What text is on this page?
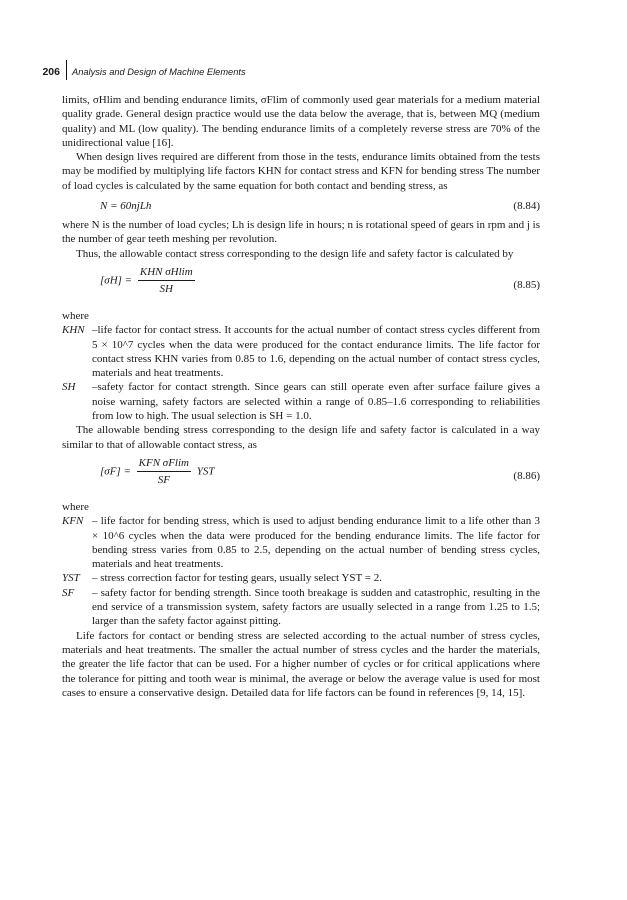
206 Analysis and Design of Machine Elements

limits, σHlim and bending endurance limits, σFlim of commonly used gear materials for a medium material quality grade. General design practice would use the data below the average, that is, between MQ (medium quality) and ML (low quality). The bending endurance limits of a completely reverse stress are 70% of the unidirectional value [16].

When design lives required are different from those in the tests, endurance limits obtained from the tests may be modified by multiplying life factors KHN for contact stress and KFN for bending stress The number of load cycles is calculated by the same equation for both contact and bending stress, as

N = 60njLh	(8.84)

where N is the number of load cycles; Lh is design life in hours; n is rotational speed of gears in rpm and j is the number of gear teeth meshing per revolution.

Thus, the allowable contact stress corresponding to the design life and safety factor is calculated by

$[\sigma H] = \frac{\text{KHN σHlim}}{SH}$	(8.85)

where

KHN –life factor for contact stress. It accounts for the actual number of contact stress cycles different from 5 × 10^7 cycles when the data were produced for the contact endurance limits. The life factor for contact stress KHN varies from 0.85 to 1.6, depending on the actual number of contact stress cycles, materials and heat treatments.

SH	–safety factor for contact strength. Since gears can still operate even after surface failure gives a noise warning, safety factors are selected within a range of 0.85–1.6 corresponding to reliabilities from low to high. The usual selection is SH = 1.0.

The allowable bending stress corresponding to the design life and safety factor is calculated in a way similar to that of allowable contact stress, as

$[\sigma F] = \frac{\text{KFN σFlim}}{SF}$ YST	(8.86)

where

KFN – life factor for bending stress, which is used to adjust bending endurance limit to a life other than 3 × 10^6 cycles when the data were produced for the bending endurance limits. The life factor for bending stress varies from 0.85 to 2.5, depending on the actual number of bending stress cycles, materials and heat treatments.

YST	– stress correction factor for testing gears, usually select YST = 2.

SF	– safety factor for bending strength. Since tooth breakage is sudden and catastrophic, resulting in the end service of a transmission system, safety factors are usually selected in a range from 1.25 to 1.5; larger than the safety factor against pitting.

Life factors for contact or bending stress are selected according to the actual number of stress cycles, materials and heat treatments. The smaller the actual number of stress cycles and the harder the materials, the greater the life factor that can be used. For a higher number of cycles or for critical applications where the tolerance for pitting and tooth wear is minimal, the average or below the average value is used for most cases to ensure a conservative design. Detailed data for life factors can be found in references [9, 14, 15].
